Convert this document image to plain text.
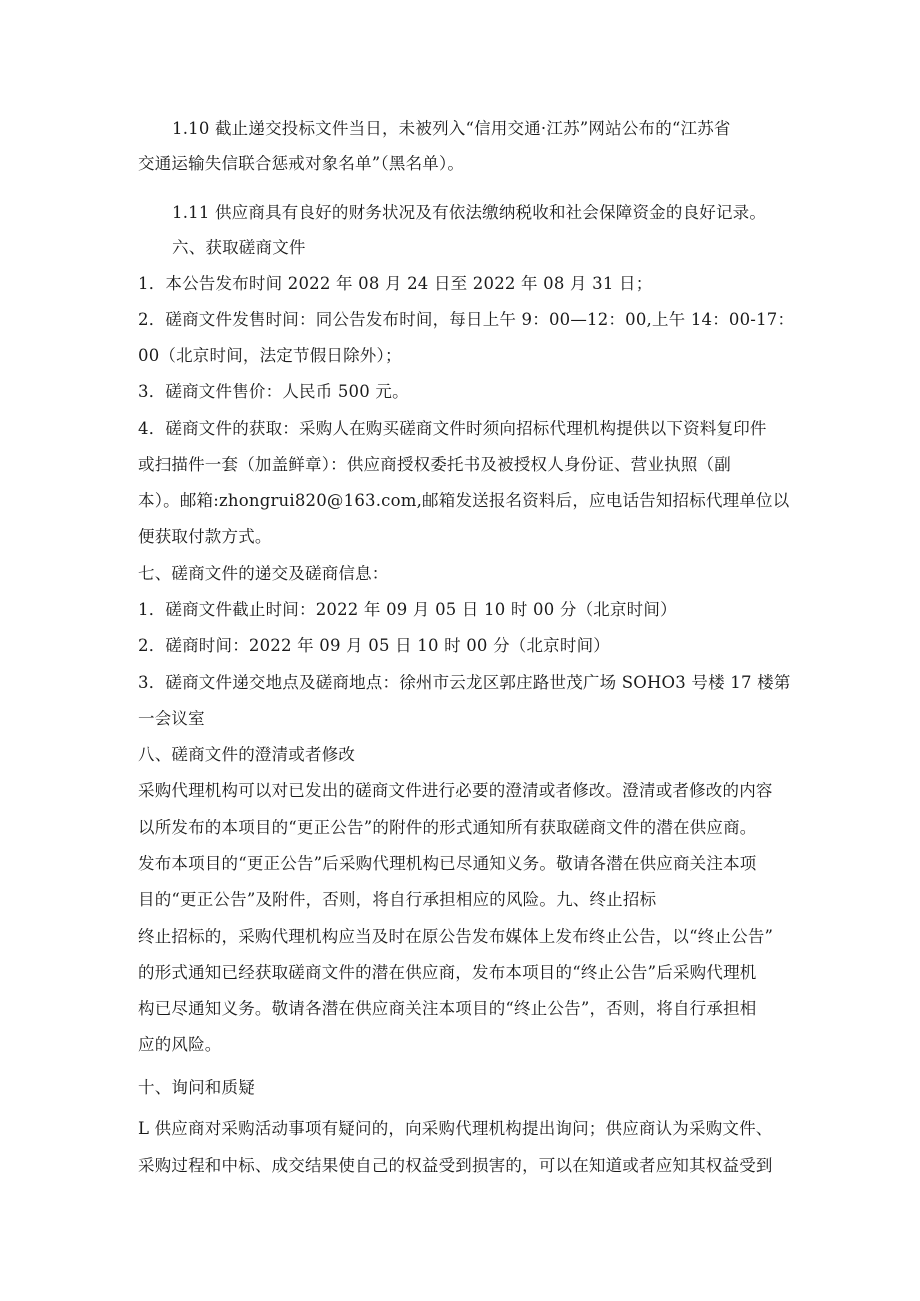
1.10 截止递交投标文件当日，未被列入“信用交通·江苏”网站公布的“江苏省
交通运输失信联合惩戒对象名单”（黑名单）。
1.11 供应商具有良好的财务状况及有依法缴纳税收和社会保障资金的良好记录。
六、获取磋商文件
1．本公告发布时间 2022 年 08 月 24 日至 2022 年 08 月 31 日；
2．磋商文件发售时间：同公告发布时间，每日上午 9：00—12：00,上午 14：00-17：
00（北京时间，法定节假日除外）；
3．磋商文件售价：人民币 500 元。
4．磋商文件的获取：采购人在购买磋商文件时须向招标代理机构提供以下资料复印件
或扫描件一套（加盖鲜章）：供应商授权委托书及被授权人身份证、营业执照（副
本）。邮箱:zhongrui820@163.com,邮箱发送报名资料后，应电话告知招标代理单位以
便获取付款方式。
七、磋商文件的递交及磋商信息：
1．磋商文件截止时间：2022 年 09 月 05 日 10 时 00 分（北京时间）
2．磋商时间：2022 年 09 月 05 日 10 时 00 分（北京时间）
3．磋商文件递交地点及磋商地点：徐州市云龙区郭庄路世茂广场 SOHO3 号楼 17 楼第
一会议室
八、磋商文件的澄清或者修改
采购代理机构可以对已发出的磋商文件进行必要的澄清或者修改。澄清或者修改的内容
以所发布的本项目的“更正公告”的附件的形式通知所有获取磋商文件的潜在供应商。
发布本项目的“更正公告”后采购代理机构已尽通知义务。敬请各潜在供应商关注本项
目的“更正公告”及附件，否则，将自行承担相应的风险。九、终止招标
终止招标的，采购代理机构应当及时在原公告发布媒体上发布终止公告，以“终止公告”
的形式通知已经获取磋商文件的潜在供应商，发布本项目的“终止公告”后采购代理机
构已尽通知义务。敬请各潜在供应商关注本项目的“终止公告”，否则，将自行承担相
应的风险。
十、询问和质疑
L 供应商对采购活动事项有疑问的，向采购代理机构提出询问；供应商认为采购文件、
采购过程和中标、成交结果使自己的权益受到损害的，可以在知道或者应知其权益受到
